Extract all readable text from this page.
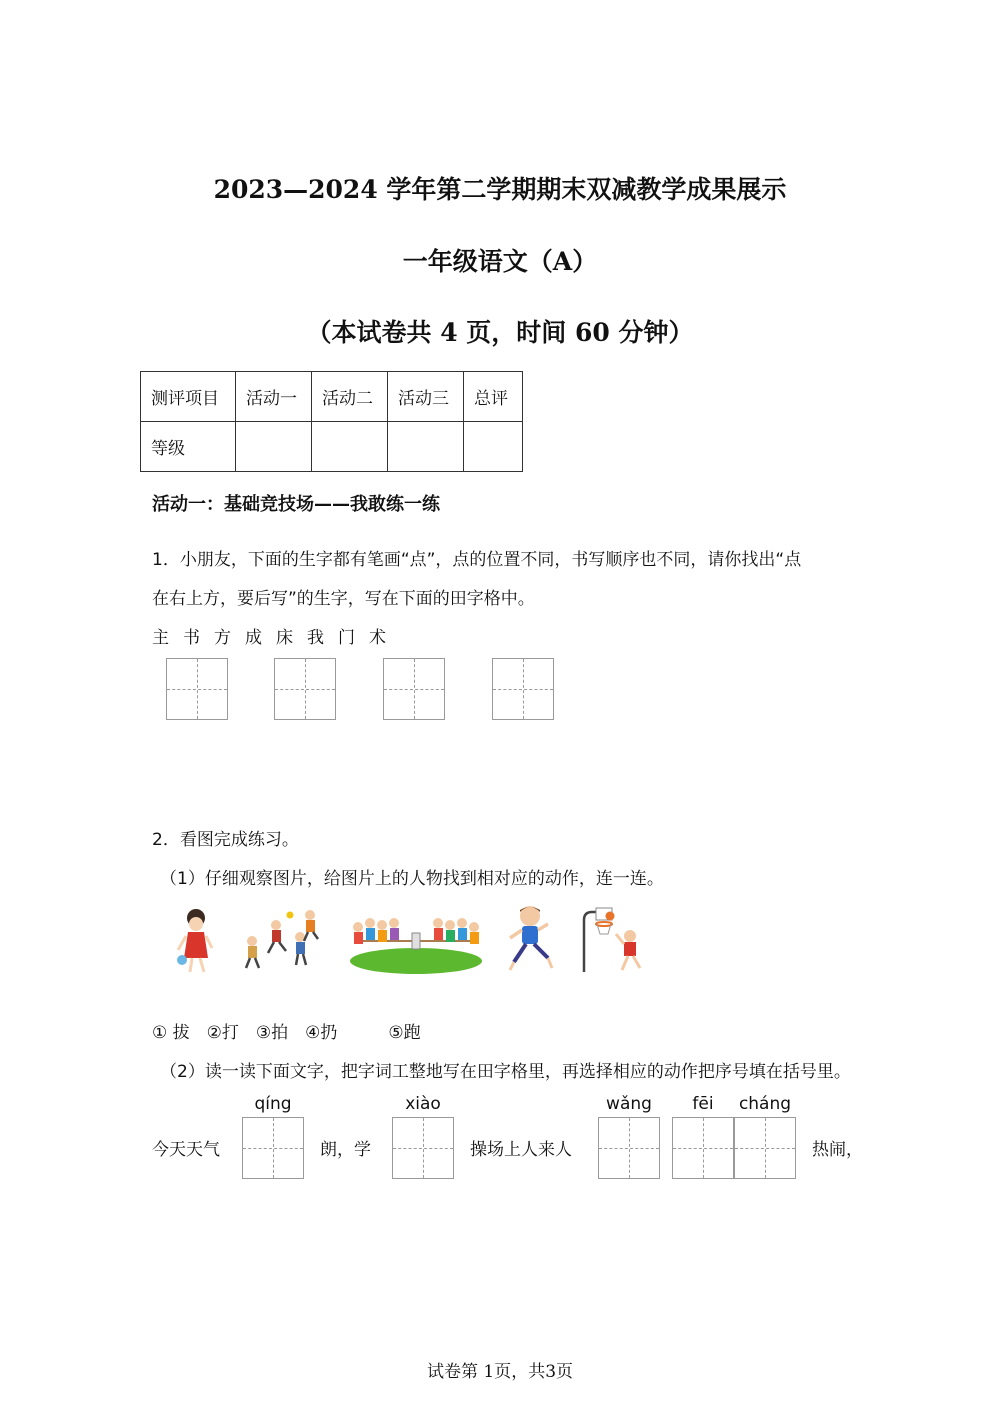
2023—2024 学年第二学期期末双减教学成果展示
一年级语文（A）
（本试卷共 4 页，时间 60 分钟）
测评项目	活动一	活动二	活动三	总评
等级				
活动一：基础竞技场——我敢练一练
1．小朋友，下面的生字都有笔画“点”，点的位置不同，书写顺序也不同，请你找出“点
在右上方，要后写”的生字，写在下面的田字格中。
主 书 方 成 床 我 门 术
2．看图完成练习。
（1）仔细观察图片，给图片上的人物找到相对应的动作，连一连。
① 拔　②打　③拍　④扔　　　⑤跑
（2）读一读下面文字，把字词工整地写在田字格里，再选择相应的动作把序号填在括号里。
今天天气
qíng
朗，学
xiào
操场上人来人
wǎng	fēi	cháng
热闹，
试卷第 1页，共3页
